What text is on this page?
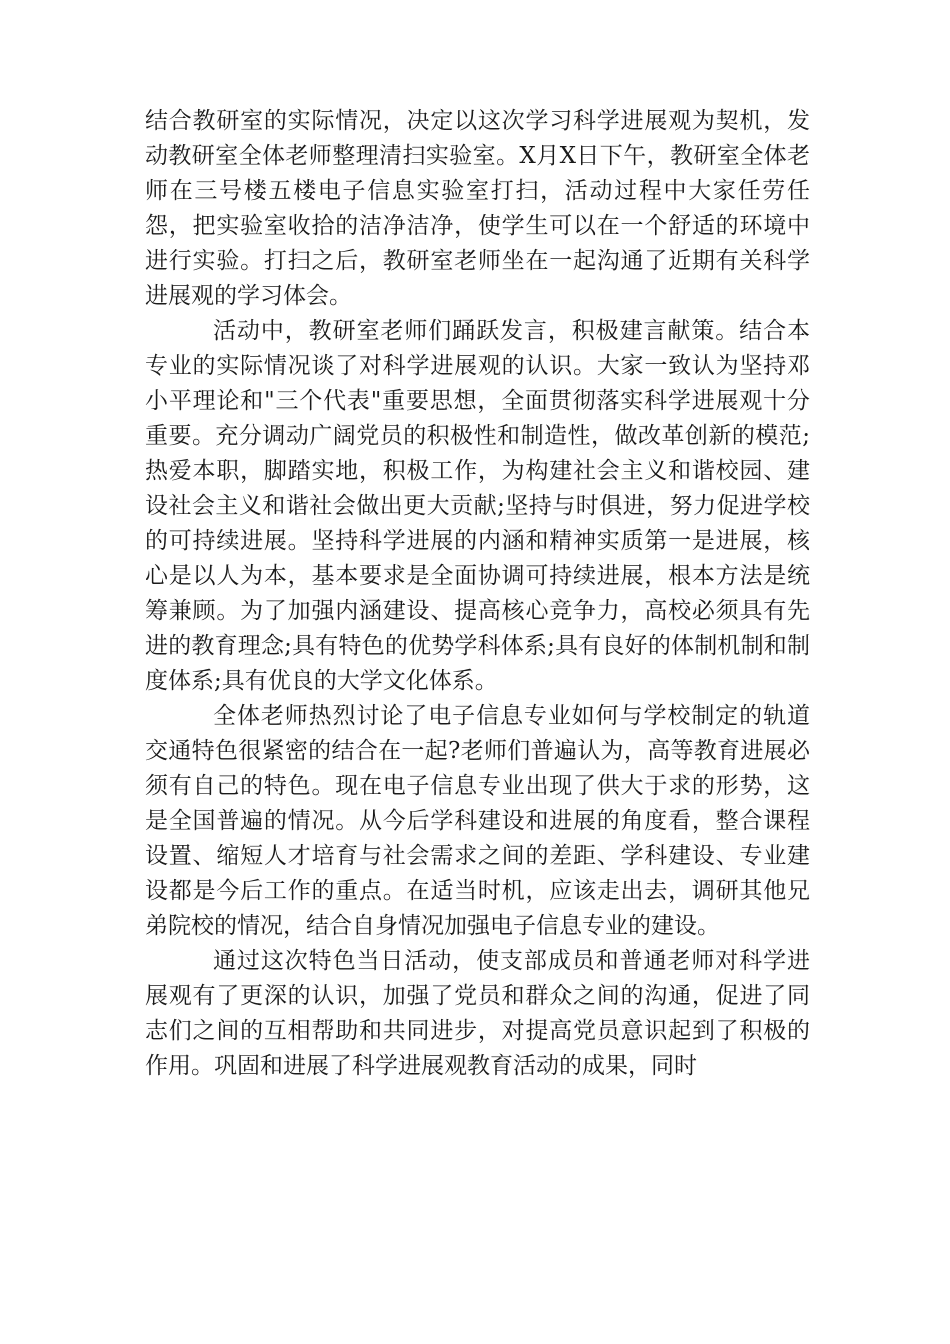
结合教研室的实际情况，决定以这次学习科学进展观为契机，发动教研室全体老师整理清扫实验室。X月X日下午，教研室全体老师在三号楼五楼电子信息实验室打扫，活动过程中大家任劳任怨，把实验室收拾的洁净洁净，使学生可以在一个舒适的环境中进行实验。打扫之后，教研室老师坐在一起沟通了近期有关科学进展观的学习体会。

活动中，教研室老师们踊跃发言，积极建言献策。结合本专业的实际情况谈了对科学进展观的认识。大家一致认为坚持邓小平理论和"三个代表"重要思想，全面贯彻落实科学进展观十分重要。充分调动广阔党员的积极性和制造性，做改革创新的模范;热爱本职，脚踏实地，积极工作，为构建社会主义和谐校园、建设社会主义和谐社会做出更大贡献;坚持与时俱进，努力促进学校的可持续进展。坚持科学进展的内涵和精神实质第一是进展，核心是以人为本，基本要求是全面协调可持续进展，根本方法是统筹兼顾。为了加强内涵建设、提高核心竞争力，高校必须具有先进的教育理念;具有特色的优势学科体系;具有良好的体制机制和制度体系;具有优良的大学文化体系。

全体老师热烈讨论了电子信息专业如何与学校制定的轨道交通特色很紧密的结合在一起?老师们普遍认为，高等教育进展必须有自己的特色。现在电子信息专业出现了供大于求的形势，这是全国普遍的情况。从今后学科建设和进展的角度看，整合课程设置、缩短人才培育与社会需求之间的差距、学科建设、专业建设都是今后工作的重点。在适当时机，应该走出去，调研其他兄弟院校的情况，结合自身情况加强电子信息专业的建设。

通过这次特色当日活动，使支部成员和普通老师对科学进展观有了更深的认识，加强了党员和群众之间的沟通，促进了同志们之间的互相帮助和共同进步，对提高党员意识起到了积极的作用。巩固和进展了科学进展观教育活动的成果，同时
